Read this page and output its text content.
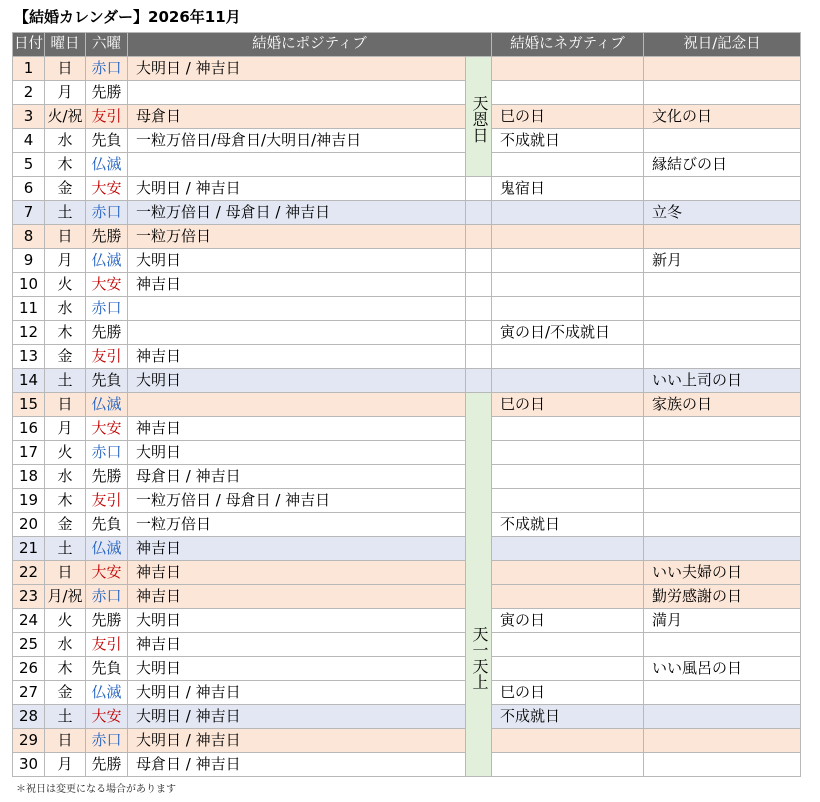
【結婚カレンダー】2026年11月
日付	曜日	六曜	結婚にポジティブ		結婚にネガティブ	祝日/記念日
1	日	赤口	大明日 / 神吉日	天恩日		
2	月	先勝				
3	火/祝	友引	母倉日		巳の日	文化の日
4	水	先負	一粒万倍日/母倉日/大明日/神吉日		不成就日	
5	木	仏滅				縁結びの日
6	金	大安	大明日 / 神吉日		鬼宿日	
7	土	赤口	一粒万倍日 / 母倉日 / 神吉日			立冬
8	日	先勝	一粒万倍日			
9	月	仏滅	大明日			新月
10	火	大安	神吉日			
11	水	赤口				
12	木	先勝			寅の日/不成就日	
13	金	友引	神吉日			
14	土	先負	大明日			いい上司の日
15	日	仏滅		天一天上	巳の日	家族の日
16	月	大安	神吉日			
17	火	赤口	大明日			
18	水	先勝	母倉日 / 神吉日			
19	木	友引	一粒万倍日 / 母倉日 / 神吉日			
20	金	先負	一粒万倍日		不成就日	
21	土	仏滅	神吉日			
22	日	大安	神吉日			いい夫婦の日
23	月/祝	赤口	神吉日			勤労感謝の日
24	火	先勝	大明日		寅の日	満月
25	水	友引	神吉日			
26	木	先負	大明日			いい風呂の日
27	金	仏滅	大明日 / 神吉日		巳の日	
28	土	大安	大明日 / 神吉日		不成就日	
29	日	赤口	大明日 / 神吉日			
30	月	先勝	母倉日 / 神吉日			
＊祝日は変更になる場合があります
